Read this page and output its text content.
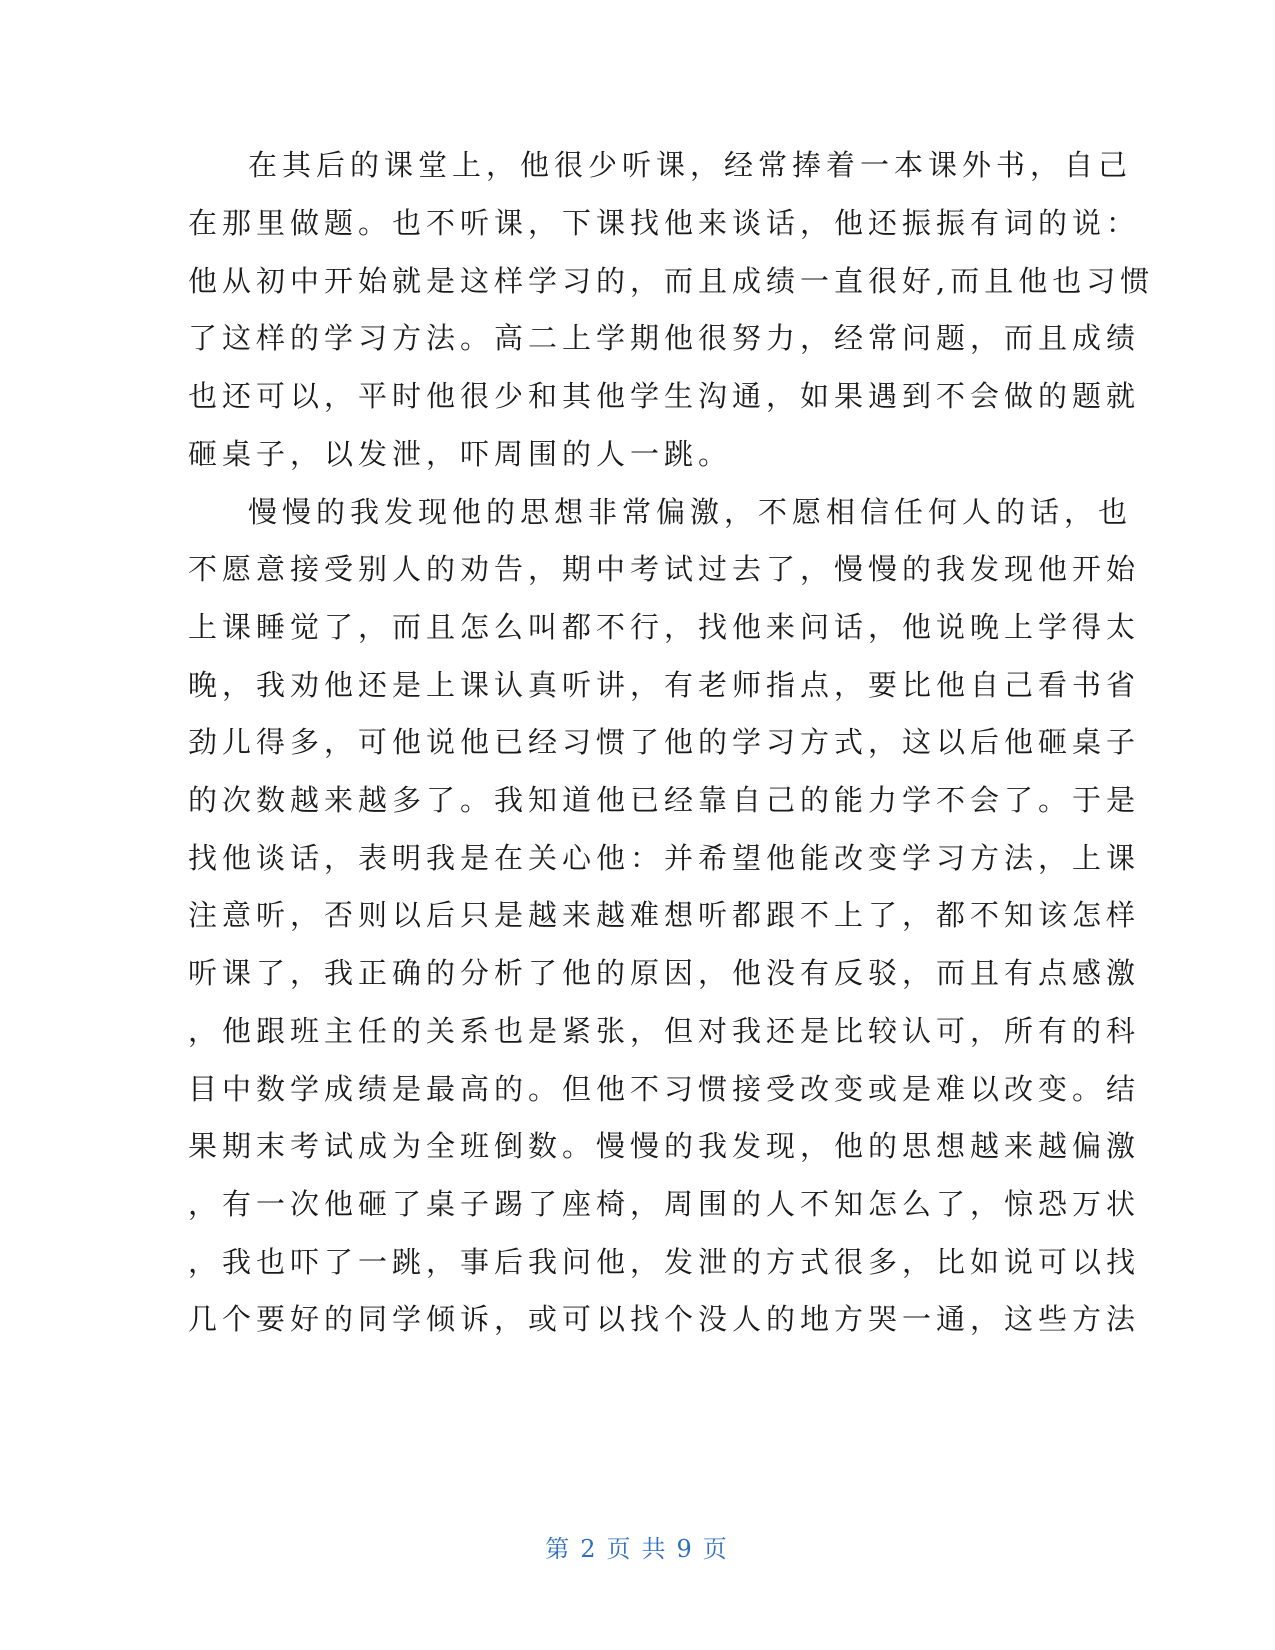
在其后的课堂上，他很少听课，经常捧着一本课外书，自己

在那里做题。也不听课，下课找他来谈话，他还振振有词的说：

他从初中开始就是这样学习的，而且成绩一直很好,而且他也习惯

了这样的学习方法。高二上学期他很努力，经常问题，而且成绩

也还可以，平时他很少和其他学生沟通，如果遇到不会做的题就

砸桌子，以发泄，吓周围的人一跳。

慢慢的我发现他的思想非常偏激，不愿相信任何人的话，也

不愿意接受别人的劝告，期中考试过去了，慢慢的我发现他开始

上课睡觉了，而且怎么叫都不行，找他来问话，他说晚上学得太

晚，我劝他还是上课认真听讲，有老师指点，要比他自己看书省

劲儿得多，可他说他已经习惯了他的学习方式，这以后他砸桌子

的次数越来越多了。我知道他已经靠自己的能力学不会了。于是

找他谈话，表明我是在关心他：并希望他能改变学习方法，上课

注意听，否则以后只是越来越难想听都跟不上了，都不知该怎样

听课了，我正确的分析了他的原因，他没有反驳，而且有点感激

，他跟班主任的关系也是紧张，但对我还是比较认可，所有的科

目中数学成绩是最高的。但他不习惯接受改变或是难以改变。结

果期末考试成为全班倒数。慢慢的我发现，他的思想越来越偏激

，有一次他砸了桌子踢了座椅，周围的人不知怎么了，惊恐万状

，我也吓了一跳，事后我问他，发泄的方式很多，比如说可以找

几个要好的同学倾诉，或可以找个没人的地方哭一通，这些方法

第 2 页 共 9 页
